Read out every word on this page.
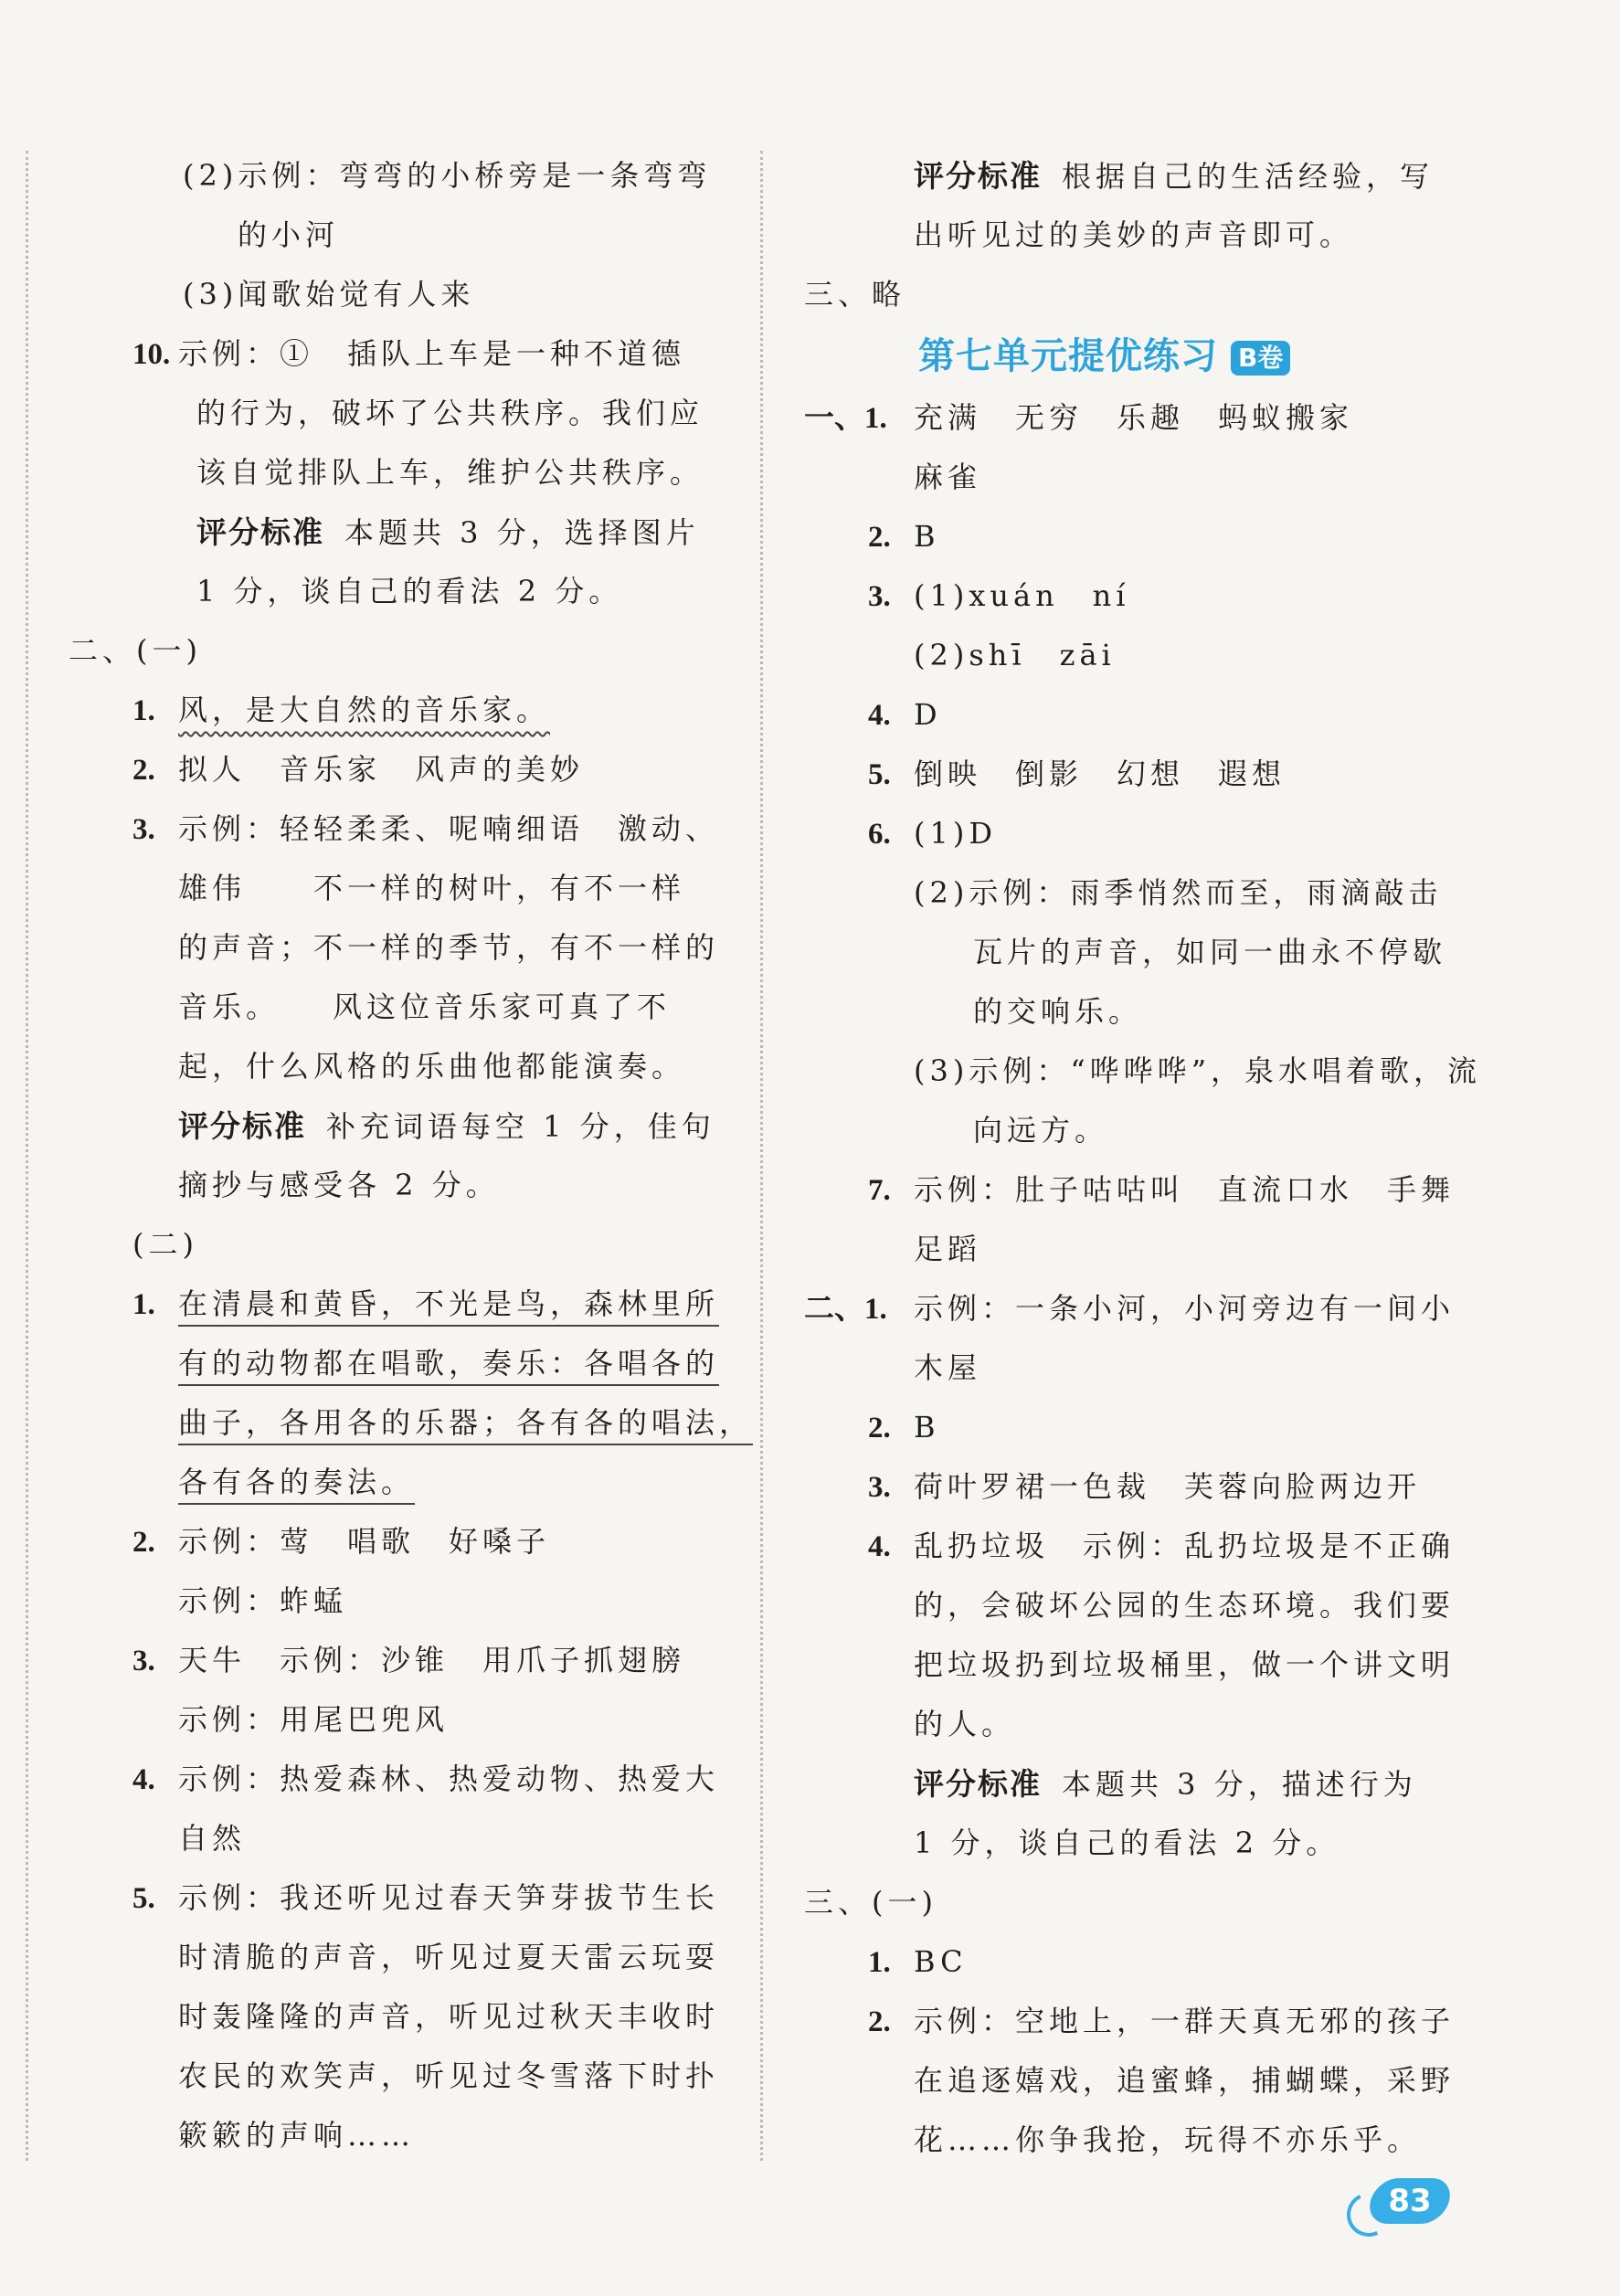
(2)示例：弯弯的小桥旁是一条弯弯
的小河
(3)闻歌始觉有人来
10. 示例：①　插队上车是一种不道德
的行为，破坏了公共秩序。我们应
该自觉排队上车，维护公共秩序。
评分标准 本题共 3 分，选择图片
1 分，谈自己的看法 2 分。
二、(一)
1. 风，是大自然的音乐家。
2. 拟人　音乐家　风声的美妙
3. 示例：轻轻柔柔、呢喃细语　激动、
雄伟　　不一样的树叶，有不一样
的声音；不一样的季节，有不一样的
音乐。　　风这位音乐家可真了不
起，什么风格的乐曲他都能演奏。
评分标准 补充词语每空 1 分，佳句
摘抄与感受各 2 分。
(二)
1. 在清晨和黄昏，不光是鸟，森林里所
有的动物都在唱歌，奏乐：各唱各的
曲子，各用各的乐器；各有各的唱法，
各有各的奏法。
2. 示例：莺　唱歌　好嗓子
示例：蚱蜢
3. 天牛　示例：沙锥　用爪子抓翅膀
示例：用尾巴兜风
4. 示例：热爱森林、热爱动物、热爱大
自然
5. 示例：我还听见过春天笋芽拔节生长
时清脆的声音，听见过夏天雷云玩耍
时轰隆隆的声音，听见过秋天丰收时
农民的欢笑声，听见过冬雪落下时扑
簌簌的声响……
评分标准 根据自己的生活经验，写
出听见过的美妙的声音即可。
三、略
第七单元提优练习 B卷
一、1. 充满　无穷　乐趣　蚂蚁搬家
麻雀
2. B
3. (1)xuán　ní
(2)shī　zāi
4. D
5. 倒映　倒影　幻想　遐想
6. (1)D
(2)示例：雨季悄然而至，雨滴敲击
瓦片的声音，如同一曲永不停歇
的交响乐。
(3)示例：“哗哗哗”，泉水唱着歌，流
向远方。
7. 示例：肚子咕咕叫　直流口水　手舞
足蹈
二、1. 示例：一条小河，小河旁边有一间小
木屋
2. B
3. 荷叶罗裙一色裁　芙蓉向脸两边开
4. 乱扔垃圾　示例：乱扔垃圾是不正确
的，会破坏公园的生态环境。我们要
把垃圾扔到垃圾桶里，做一个讲文明
的人。
评分标准 本题共 3 分，描述行为
1 分，谈自己的看法 2 分。
三、(一)
1. BC
2. 示例：空地上，一群天真无邪的孩子
在追逐嬉戏，追蜜蜂，捕蝴蝶，采野
花……你争我抢，玩得不亦乐乎。
83
